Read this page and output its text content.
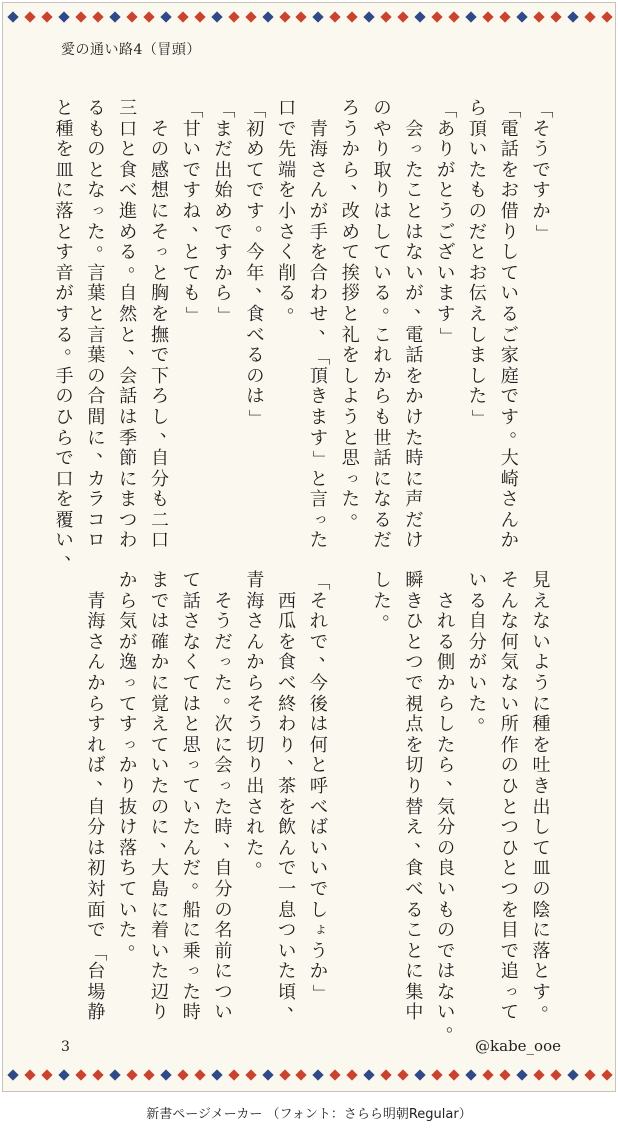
愛の通い路4（冒頭）
「
そ
う
で
す
か
」
「
電
話
を
お
借
り
し
て
い
る
ご
家
庭
で
す
。
大
崎
さ
ん
か
ら
頂
い
た
も
の
だ
と
お
伝
え
し
ま
し
た
」
「
あ
り
が
と
う
ご
ざ
い
ま
す
」

会
っ
た
こ
と
は
な
い
が
、
電
話
を
か
け
た
時
に
声
だ
け
の
や
り
取
り
は
し
て
い
る
。
こ
れ
か
ら
も
世
話
に
な
る
だ
ろ
う
か
ら
、
改
め
て
挨
拶
と
礼
を
し
よ
う
と
思
っ
た
。

青
海
さ
ん
が
手
を
合
わ
せ
、
「
頂
き
ま
す
」
と
言
っ
た
口
で
先
端
を
小
さ
く
削
る
。
「
初
め
て
で
す
。
今
年
、
食
べ
る
の
は
」
「
ま
だ
出
始
め
で
す
か
ら
」
「
甘
い
で
す
ね
、
と
て
も
」

そ
の
感
想
に
そ
っ
と
胸
を
撫
で
下
ろ
し
、
自
分
も
二
口
三
口
と
食
べ
進
め
る
。
自
然
と
、
会
話
は
季
節
に
ま
つ
わ
る
も
の
と
な
っ
た
。
言
葉
と
言
葉
の
合
間
に
、
カ
ラ
コ
ロ
と
種
を
皿
に
落
と
す
音
が
す
る
。
手
の
ひ
ら
で
口
を
覆
い
、
見
え
な
い
よ
う
に
種
を
吐
き
出
し
て
皿
の
陰
に
落
と
す
。
そ
ん
な
何
気
な
い
所
作
の
ひ
と
つ
ひ
と
つ
を
目
で
追
っ
て
い
る
自
分
が
い
た
。

さ
れ
る
側
か
ら
し
た
ら
、
気
分
の
良
い
も
の
で
は
な
い
。
瞬
き
ひ
と
つ
で
視
点
を
切
り
替
え
、
食
べ
る
こ
と
に
集
中
し
た
。
「
そ
れ
で
、
今
後
は
何
と
呼
べ
ば
い
い
で
し
ょ
う
か
」

西
瓜
を
食
べ
終
わ
り
、
茶
を
飲
ん
で
一
息
つ
い
た
頃
、
青
海
さ
ん
か
ら
そ
う
切
り
出
さ
れ
た
。

そ
う
だ
っ
た
。
次
に
会
っ
た
時
、
自
分
の
名
前
に
つ
い
て
話
さ
な
く
て
は
と
思
っ
て
い
た
ん
だ
。
船
に
乗
っ
た
時
ま
で
は
確
か
に
覚
え
て
い
た
の
に
、
大
島
に
着
い
た
辺
り
か
ら
気
が
逸
っ
て
す
っ
か
り
抜
け
落
ち
て
い
た
。

青
海
さ
ん
か
ら
す
れ
ば
、
自
分
は
初
対
面
で
「
台
場
静
3	@kabe_ooe
新書ページメーカー （フォント：さらら明朝Regular）
